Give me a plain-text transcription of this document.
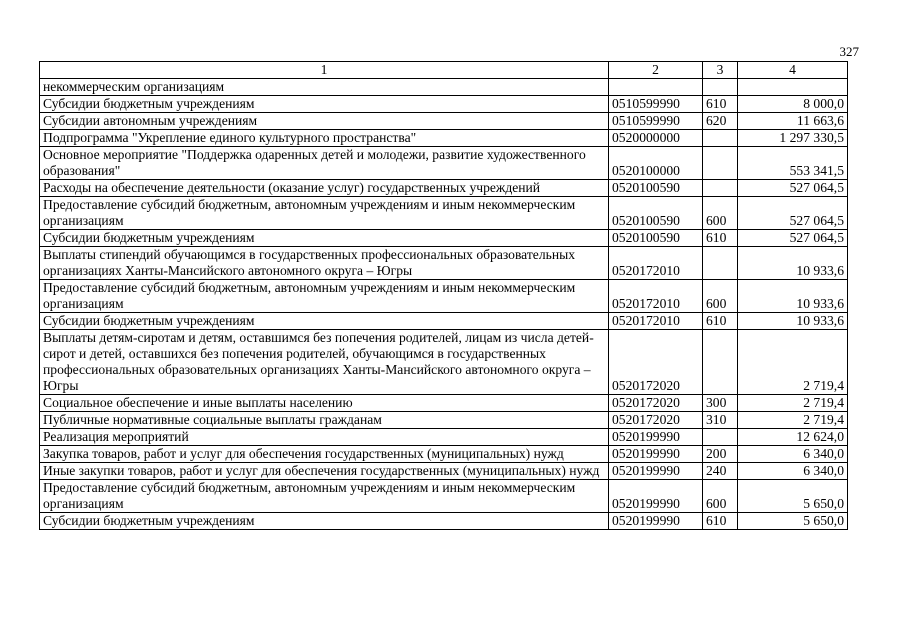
327
1	2	3	4
некоммерческим организациям			
Субсидии бюджетным учреждениям	0510599990	610	8 000,0
Субсидии автономным учреждениям	0510599990	620	11 663,6
Подпрограмма "Укрепление единого культурного пространства"	0520000000		1 297 330,5
Основное мероприятие "Поддержка одаренных детей и молодежи, развитие художественного образования"	0520100000		553 341,5
Расходы на обеспечение деятельности (оказание услуг) государственных учреждений	0520100590		527 064,5
Предоставление субсидий бюджетным, автономным учреждениям и иным некоммерческим организациям	0520100590	600	527 064,5
Субсидии бюджетным учреждениям	0520100590	610	527 064,5
Выплаты стипендий обучающимся в государственных профессиональных образовательных организациях Ханты-Мансийского автономного округа – Югры	0520172010		10 933,6
Предоставление субсидий бюджетным, автономным учреждениям и иным некоммерческим организациям	0520172010	600	10 933,6
Субсидии бюджетным учреждениям	0520172010	610	10 933,6
Выплаты детям-сиротам и детям, оставшимся без попечения родителей, лицам из числа детей-сирот и детей, оставшихся без попечения родителей, обучающимся в государственных профессиональных образовательных организациях Ханты-Мансийского автономного округа – Югры	0520172020		2 719,4
Социальное обеспечение и иные выплаты населению	0520172020	300	2 719,4
Публичные нормативные социальные выплаты гражданам	0520172020	310	2 719,4
Реализация мероприятий	0520199990		12 624,0
Закупка товаров, работ и услуг для обеспечения государственных (муниципальных) нужд	0520199990	200	6 340,0
Иные закупки товаров, работ и услуг для обеспечения государственных (муниципальных) нужд	0520199990	240	6 340,0
Предоставление субсидий бюджетным, автономным учреждениям и иным некоммерческим организациям	0520199990	600	5 650,0
Субсидии бюджетным учреждениям	0520199990	610	5 650,0
